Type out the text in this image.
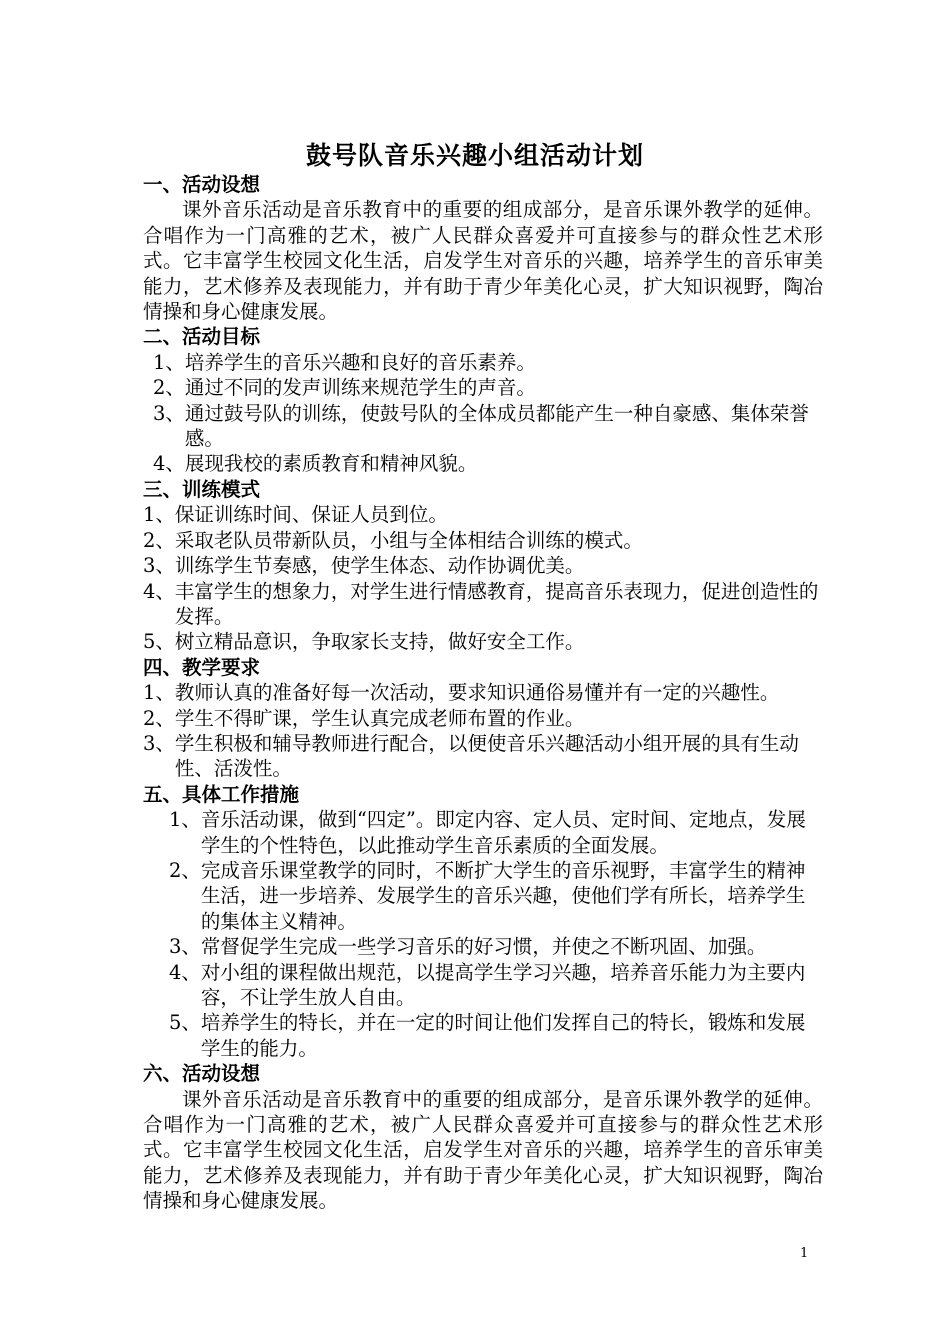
鼓号队音乐兴趣小组活动计划
一、活动设想
课外音乐活动是音乐教育中的重要的组成部分，是音乐课外教学的延伸。合唱作为一门高雅的艺术，被广人民群众喜爱并可直接参与的群众性艺术形式。它丰富学生校园文化生活，启发学生对音乐的兴趣，培养学生的音乐审美能力，艺术修养及表现能力，并有助于青少年美化心灵，扩大知识视野，陶冶情操和身心健康发展。
二、活动目标
1、 培养学生的音乐兴趣和良好的音乐素养。
2、 通过不同的发声训练来规范学生的声音。
3、 通过鼓号队的训练，使鼓号队的全体成员都能产生一种自豪感、集体荣誉感。
4、 展现我校的素质教育和精神风貌。
三、训练模式
1、 保证训练时间、保证人员到位。
2、 采取老队员带新队员，小组与全体相结合训练的模式。
3、 训练学生节奏感，使学生体态、动作协调优美。
4、 丰富学生的想象力，对学生进行情感教育，提高音乐表现力，促进创造性的发挥。
5、 树立精品意识，争取家长支持，做好安全工作。
四、教学要求
1、 教师认真的准备好每一次活动，要求知识通俗易懂并有一定的兴趣性。
2、 学生不得旷课，学生认真完成老师布置的作业。
3、 学生积极和辅导教师进行配合，以便使音乐兴趣活动小组开展的具有生动性、活泼性。
五、具体工作措施
1、 音乐活动课，做到“四定”。即定内容、定人员、定时间、定地点，发展学生的个性特色，以此推动学生音乐素质的全面发展。
2、 完成音乐课堂教学的同时，不断扩大学生的音乐视野，丰富学生的精神生活，进一步培养、发展学生的音乐兴趣，使他们学有所长，培养学生的集体主义精神。
3、 常督促学生完成一些学习音乐的好习惯，并使之不断巩固、加强。
4、 对小组的课程做出规范，以提高学生学习兴趣，培养音乐能力为主要内容，不让学生放人自由。
5、 培养学生的特长，并在一定的时间让他们发挥自己的特长，锻炼和发展学生的能力。
六、活动设想
课外音乐活动是音乐教育中的重要的组成部分，是音乐课外教学的延伸。合唱作为一门高雅的艺术，被广人民群众喜爱并可直接参与的群众性艺术形式。它丰富学生校园文化生活，启发学生对音乐的兴趣，培养学生的音乐审美能力，艺术修养及表现能力，并有助于青少年美化心灵，扩大知识视野，陶冶情操和身心健康发展。
1
